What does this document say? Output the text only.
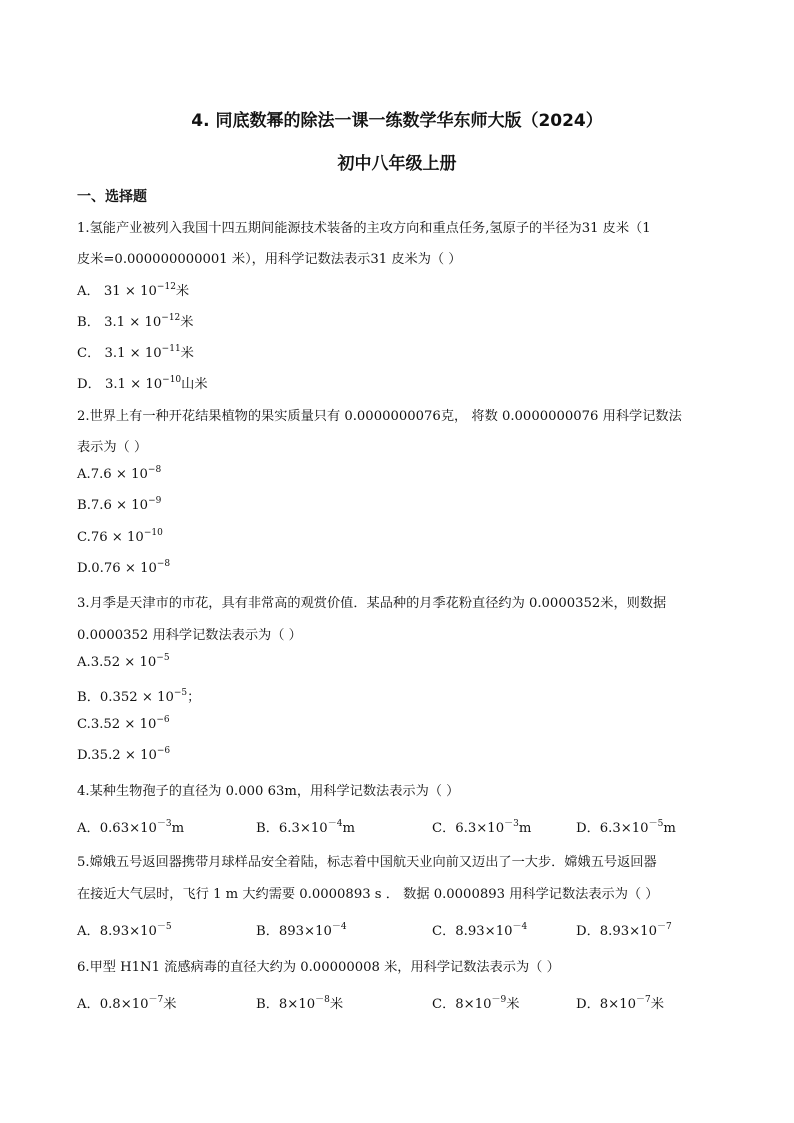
4. 同底数幂的除法一课一练数学华东师大版（2024）
初中八年级上册
一、选择题
1.氢能产业被列入我国十四五期间能源技术装备的主攻方向和重点任务,氢原子的半径为31 皮米（1
皮米=0.000000000001 米），用科学记数法表示31 皮米为（ ）
A． $31 \times 10^{-12}$米
B． $3.1 \times 10^{-12}$米
C． $3.1 \times 10^{-11}$米
D． $3.1 \times 10^{-10}$山米
2.世界上有一种开花结果植物的果实质量只有 0.0000000076克， 将数 0.0000000076 用科学记数法
表示为（ ）
$A.7.6 \times 10^{-8}$
$B.7.6 \times 10^{-9}$
$C.76 \times 10^{-10}$
$D.0.76 \times 10^{-8}$
3.月季是天津市的市花，具有非常高的观赏价值．某品种的月季花粉直径约为 0.0000352米，则数据
0.0000352 用科学记数法表示为（ ）
$A.3.52 \times 10^{-5}$
B．$0.352 \times 10^{-5}$；
$C.3.52 \times 10^{-6}$
$D.35.2 \times 10^{-6}$
4.某种生物孢子的直径为 0.000 63m，用科学记数法表示为（ ）
A．$0.63\times 10^{-3}m$	B．$6.3\times 10^{-4}m$	C．$6.3\times 10^{-3}m$	D．$6.3\times 10^{-5}m$
5.嫦娥五号返回器携带月球样品安全着陆，标志着中国航天业向前又迈出了一大步．嫦娥五号返回器
在接近大气层时，飞行 1 m 大约需要 0.0000893 s ． 数据 0.0000893 用科学记数法表示为（ ）
A．$8.93\times 10^{-5}$	B．$893\times 10^{-4}$	C．$8.93\times 10^{-4}$	D．$8.93\times 10^{-7}$
6.甲型 H1N1 流感病毒的直径大约为 0.00000008 米，用科学记数法表示为（ ）
A．$0.8\times 10^{-7}$米	B．$8\times 10^{-8}$米	C．$8\times 10^{-9}$米	D．$8\times 10^{-7}$米
